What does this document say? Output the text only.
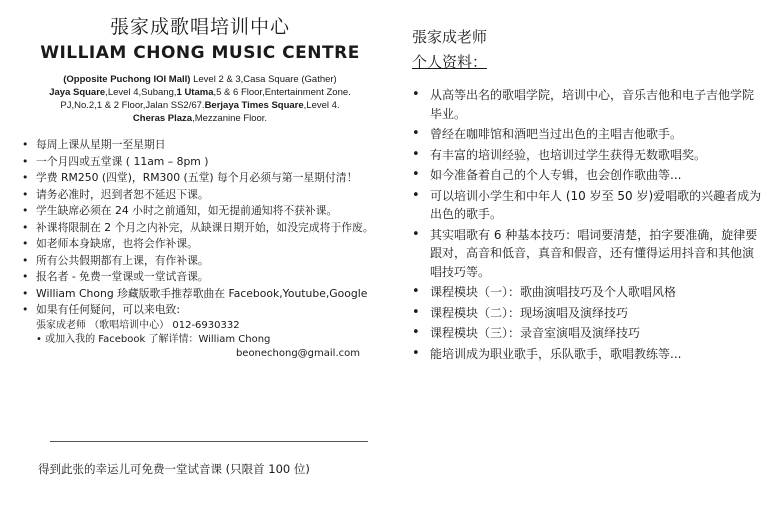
張家成歌唱培训中心
WILLIAM CHONG MUSIC CENTRE
(Opposite Puchong IOI Mall) Level 2 & 3,Casa Square (Gather)
Jaya Square,Level 4,Subang,1 Utama,5 & 6 Floor,Entertainment Zone.
PJ,No.2,1 & 2 Floor,Jalan SS2/67.Berjaya Times Square,Level 4.
Cheras Plaza,Mezzanine Floor.
• 每周上课从星期一至星期日
• 一个月四或五堂课 ( 11am – 8pm )
• 学费 RM250 (四堂)，RM300 (五堂) 每个月必须与第一星期付清！
• 请务必准时，迟到者恕不延迟下课。
• 学生缺席必须在 24 小时之前通知，如无提前通知将不获补课。
• 补课将限制在 2 个月之内补完，从缺课日期开始，如没完成将于作废。
• 如老师本身缺席，也将会作补课。
• 所有公共假期都有上课，有作补课。
• 报名者 - 免费一堂课或一堂试音课。
• William Chong 珍藏版歌手推荐歌曲在 Facebook,Youtube,Google
• 如果有任何疑问，可以来电致:
張家成老师 （歌唱培训中心） 012-6930332
• 或加入我的 Facebook 了解详情：William Chong
beonechong@gmail.com
得到此张的幸运儿可免费一堂试音课 (只限首 100 位)
張家成老师
个人资料：
• 从高等出名的歌唱学院，培训中心，音乐吉他和电子吉他学院毕业。
• 曾经在咖啡馆和酒吧当过出色的主唱吉他歌手。
• 有丰富的培训经验，也培训过学生获得无数歌唱奖。
• 如今准备着自己的个人专辑，也会创作歌曲等...
• 可以培训小学生和中年人 (10 岁至 50 岁)爱唱歌的兴趣者成为出色的歌手。
• 其实唱歌有 6 种基本技巧：唱词要清楚，拍字要准确，旋律要跟对，高音和低音，真音和假音，还有懂得运用抖音和其他演唱技巧等。
• 课程模块（一）：歌曲演唱技巧及个人歌唱风格
• 课程模块（二）：现场演唱及演绎技巧
• 课程模块（三）：录音室演唱及演绎技巧
• 能培训成为职业歌手，乐队歌手，歌唱教练等...
